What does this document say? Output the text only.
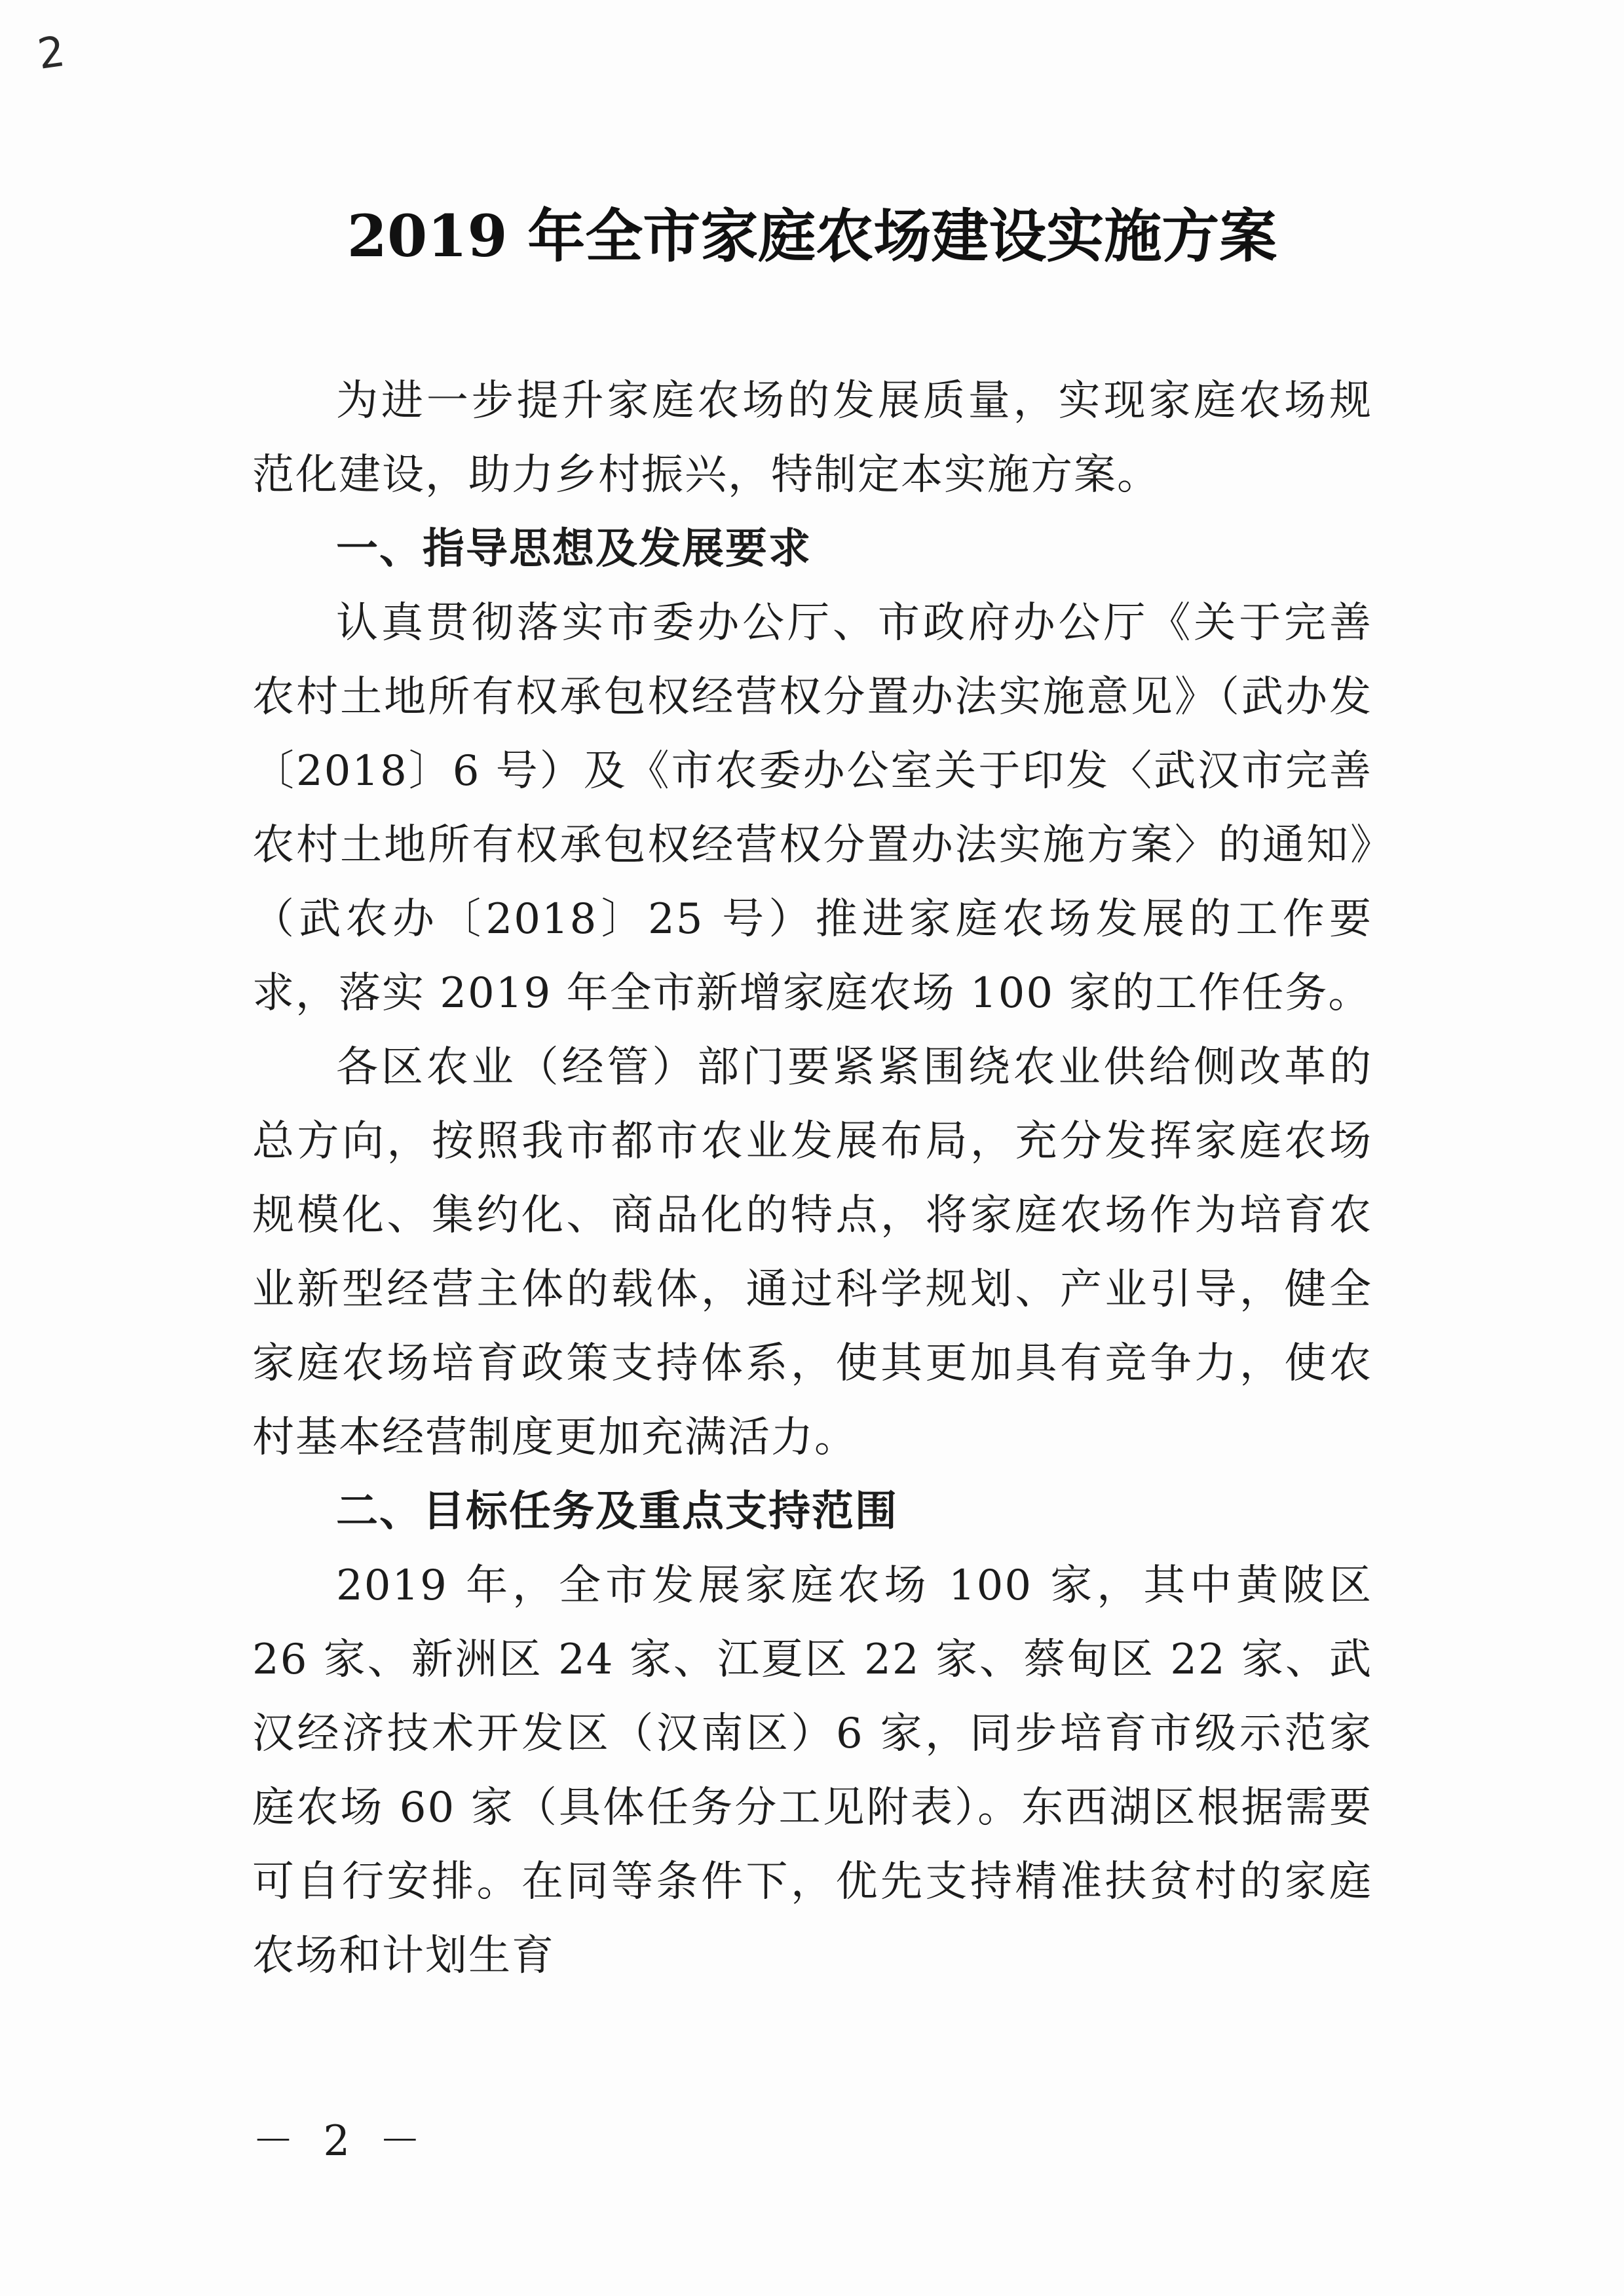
2
2019 年全市家庭农场建设实施方案

为进一步提升家庭农场的发展质量，实现家庭农场规范化建设，助力乡村振兴，特制定本实施方案。

一、指导思想及发展要求

认真贯彻落实市委办公厅、市政府办公厅《关于完善农村土地所有权承包权经营权分置办法实施意见》（武办发〔2018〕6 号）及《市农委办公室关于印发〈武汉市完善农村土地所有权承包权经营权分置办法实施方案〉的通知》（武农办〔2018〕25 号）推进家庭农场发展的工作要求，落实 2019 年全市新增家庭农场 100 家的工作任务。

各区农业（经管）部门要紧紧围绕农业供给侧改革的总方向，按照我市都市农业发展布局，充分发挥家庭农场规模化、集约化、商品化的特点，将家庭农场作为培育农业新型经营主体的载体，通过科学规划、产业引导，健全家庭农场培育政策支持体系，使其更加具有竞争力，使农村基本经营制度更加充满活力。

二、目标任务及重点支持范围

2019 年，全市发展家庭农场 100 家，其中黄陂区 26 家、新洲区 24 家、江夏区 22 家、蔡甸区 22 家、武汉经济技术开发区（汉南区）6 家，同步培育市级示范家庭农场 60 家（具体任务分工见附表）。东西湖区根据需要可自行安排。在同等条件下，优先支持精准扶贫村的家庭农场和计划生育

－ 2 －
